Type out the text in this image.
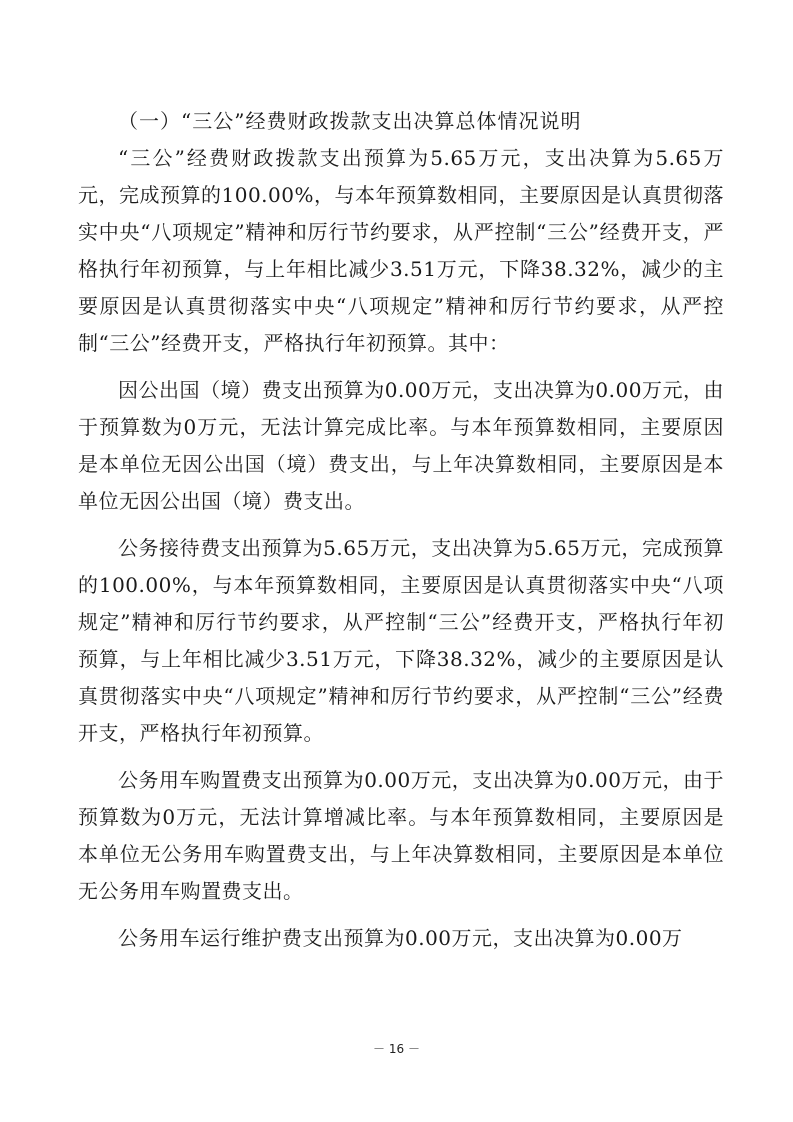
（一）“三公”经费财政拨款支出决算总体情况说明

“三公”经费财政拨款支出预算为5.65万元，支出决算为5.65万元，完成预算的100.00%，与本年预算数相同，主要原因是认真贯彻落实中央“八项规定”精神和厉行节约要求，从严控制“三公”经费开支，严格执行年初预算，与上年相比减少3.51万元，下降38.32%，减少的主要原因是认真贯彻落实中央“八项规定”精神和厉行节约要求，从严控制“三公”经费开支，严格执行年初预算。其中：

因公出国（境）费支出预算为0.00万元，支出决算为0.00万元，由于预算数为0万元，无法计算完成比率。与本年预算数相同，主要原因是本单位无因公出国（境）费支出，与上年决算数相同，主要原因是本单位无因公出国（境）费支出。

公务接待费支出预算为5.65万元，支出决算为5.65万元，完成预算的100.00%，与本年预算数相同，主要原因是认真贯彻落实中央“八项规定”精神和厉行节约要求，从严控制“三公”经费开支，严格执行年初预算，与上年相比减少3.51万元，下降38.32%，减少的主要原因是认真贯彻落实中央“八项规定”精神和厉行节约要求，从严控制“三公”经费开支，严格执行年初预算。

公务用车购置费支出预算为0.00万元，支出决算为0.00万元，由于预算数为0万元，无法计算增减比率。与本年预算数相同，主要原因是本单位无公务用车购置费支出，与上年决算数相同，主要原因是本单位无公务用车购置费支出。

公务用车运行维护费支出预算为0.00万元，支出决算为0.00万

－ 16 －
